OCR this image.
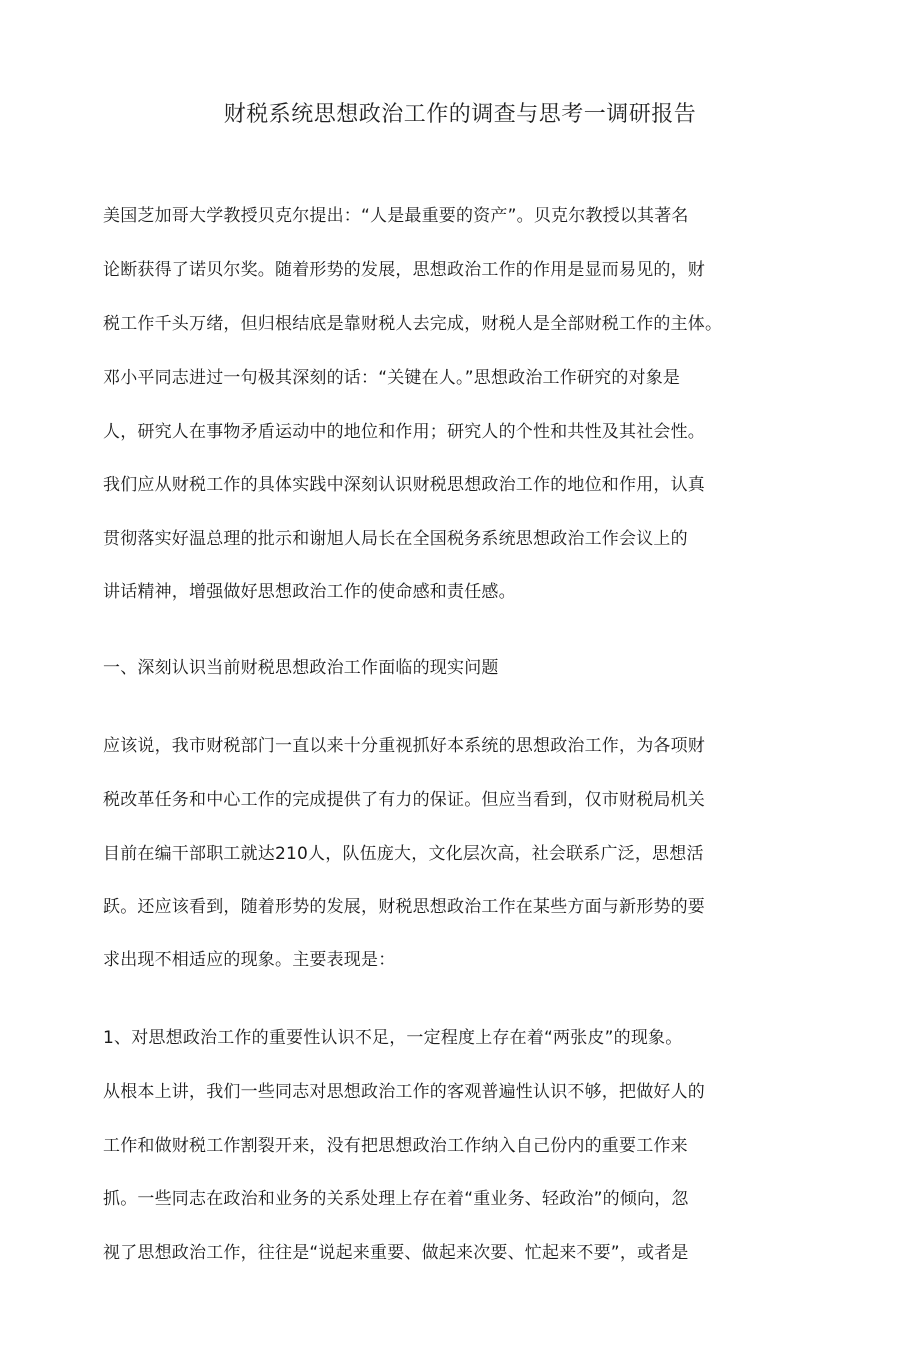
财税系统思想政治工作的调查与思考一调研报告
美国芝加哥大学教授贝克尔提出：“人是最重要的资产”。贝克尔教授以其著名
论断获得了诺贝尔奖。随着形势的发展，思想政治工作的作用是显而易见的，财
税工作千头万绪，但归根结底是靠财税人去完成，财税人是全部财税工作的主体。
邓小平同志进过一句极其深刻的话：“关键在人。”思想政治工作研究的对象是
人，研究人在事物矛盾运动中的地位和作用；研究人的个性和共性及其社会性。
我们应从财税工作的具体实践中深刻认识财税思想政治工作的地位和作用，认真
贯彻落实好温总理的批示和谢旭人局长在全国税务系统思想政治工作会议上的
讲话精神，增强做好思想政治工作的使命感和责任感。
一、深刻认识当前财税思想政治工作面临的现实问题
应该说，我市财税部门一直以来十分重视抓好本系统的思想政治工作，为各项财
税改革任务和中心工作的完成提供了有力的保证。但应当看到，仅市财税局机关
目前在编干部职工就达210人，队伍庞大，文化层次高，社会联系广泛，思想活
跃。还应该看到，随着形势的发展，财税思想政治工作在某些方面与新形势的要
求出现不相适应的现象。主要表现是：
1、对思想政治工作的重要性认识不足，一定程度上存在着“两张皮”的现象。
从根本上讲，我们一些同志对思想政治工作的客观普遍性认识不够，把做好人的
工作和做财税工作割裂开来，没有把思想政治工作纳入自己份内的重要工作来
抓。一些同志在政治和业务的关系处理上存在着“重业务、轻政治”的倾向，忽
视了思想政治工作，往往是“说起来重要、做起来次要、忙起来不要”，或者是
